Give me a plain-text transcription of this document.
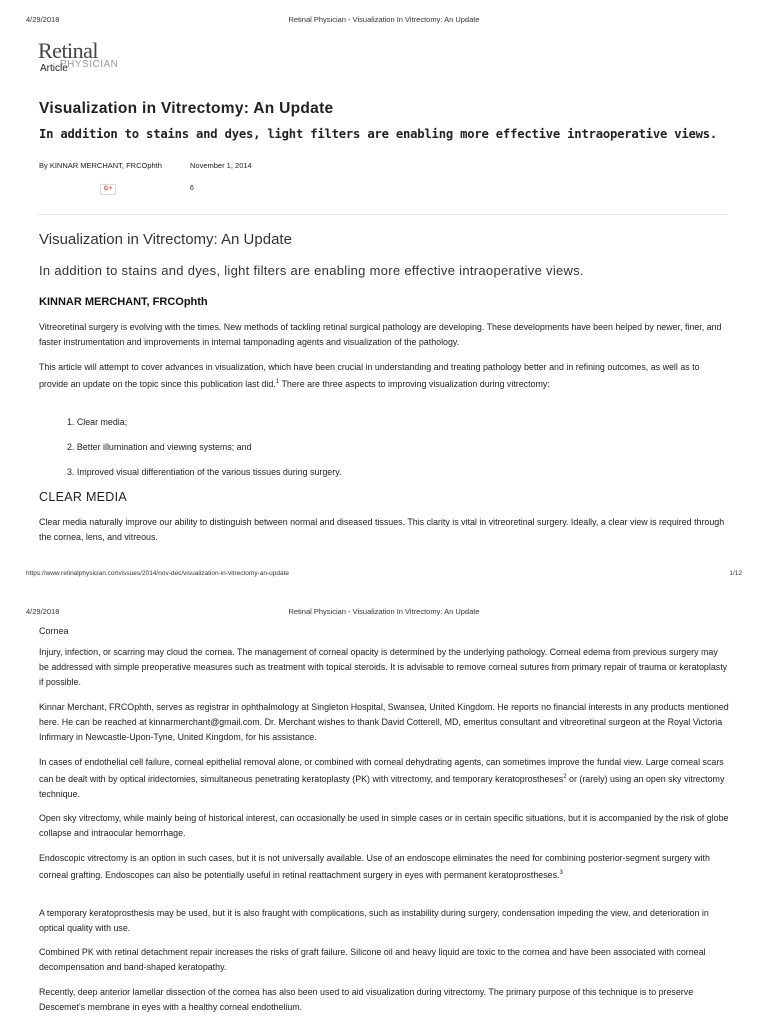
4/29/2018	Retinal Physician - Visualization In Vitrectomy: An Update
Retinal
PHYSICIAN
Article
Visualization in Vitrectomy: An Update
In addition to stains and dyes, light filters are enabling more effective intraoperative views.
By KINNAR MERCHANT, FRCOphth	November 1, 2014
G+	6
Visualization in Vitrectomy: An Update
In addition to stains and dyes, light filters are enabling more effective intraoperative views.
KINNAR MERCHANT, FRCOphth
Vitreoretinal surgery is evolving with the times. New methods of tackling retinal surgical pathology are developing. These developments have been helped by newer, finer, and faster instrumentation and improvements in internal tamponading agents and visualization of the pathology.
This article will attempt to cover advances in visualization, which have been crucial in understanding and treating pathology better and in refining outcomes, as well as to provide an update on the topic since this publication last did.$^1$ There are three aspects to improving visualization during vitrectomy:
1. Clear media;
2. Better illumination and viewing systems; and
3. Improved visual differentiation of the various tissues during surgery.
CLEAR MEDIA
Clear media naturally improve our ability to distinguish between normal and diseased tissues. This clarity is vital in vitreoretinal surgery. Ideally, a clear view is required through the cornea, lens, and vitreous.
https://www.retinalphysician.com/issues/2014/nov-dec/visualization-in-vitrectomy-an-update	1/12
4/29/2018	Retinal Physician - Visualization In Vitrectomy: An Update
Cornea
Injury, infection, or scarring may cloud the cornea. The management of corneal opacity is determined by the underlying pathology. Corneal edema from previous surgery may be addressed with simple preoperative measures such as treatment with topical steroids. It is advisable to remove corneal sutures from primary repair of trauma or keratoplasty if possible.
Kinnar Merchant, FRCOphth, serves as registrar in ophthalmology at Singleton Hospital, Swansea, United Kingdom. He reports no financial interests in any products mentioned here. He can be reached at kinnarmerchant@gmail.com. Dr. Merchant wishes to thank David Cotterell, MD, emeritus consultant and vitreoretinal surgeon at the Royal Victoria Infirmary in Newcastle-Upon-Tyne, United Kingdom, for his assistance.
In cases of endothelial cell failure, corneal epithelial removal alone, or combined with corneal dehydrating agents, can sometimes improve the fundal view. Large corneal scars can be dealt with by optical iridectomies, simultaneous penetrating keratoplasty (PK) with vitrectomy, and temporary keratoprostheses$^2$ or (rarely) using an open sky vitrectomy technique.
Open sky vitrectomy, while mainly being of historical interest, can occasionally be used in simple cases or in certain specific situations, but it is accompanied by the risk of globe collapse and intraocular hemorrhage.
Endoscopic vitrectomy is an option in such cases, but it is not universally available. Use of an endoscope eliminates the need for combining posterior-segment surgery with corneal grafting. Endoscopes can also be potentially useful in retinal reattachment surgery in eyes with permanent keratoprostheses.$^3$
A temporary keratoprosthesis may be used, but it is also fraught with complications, such as instability during surgery, condensation impeding the view, and deterioration in optical quality with use.
Combined PK with retinal detachment repair increases the risks of graft failure. Silicone oil and heavy liquid are toxic to the cornea and have been associated with corneal decompensation and band-shaped keratopathy.
Recently, deep anterior lamellar dissection of the cornea has also been used to aid visualization during vitrectomy. The primary purpose of this technique is to preserve Descemet's membrane in eyes with a healthy corneal endothelium.
